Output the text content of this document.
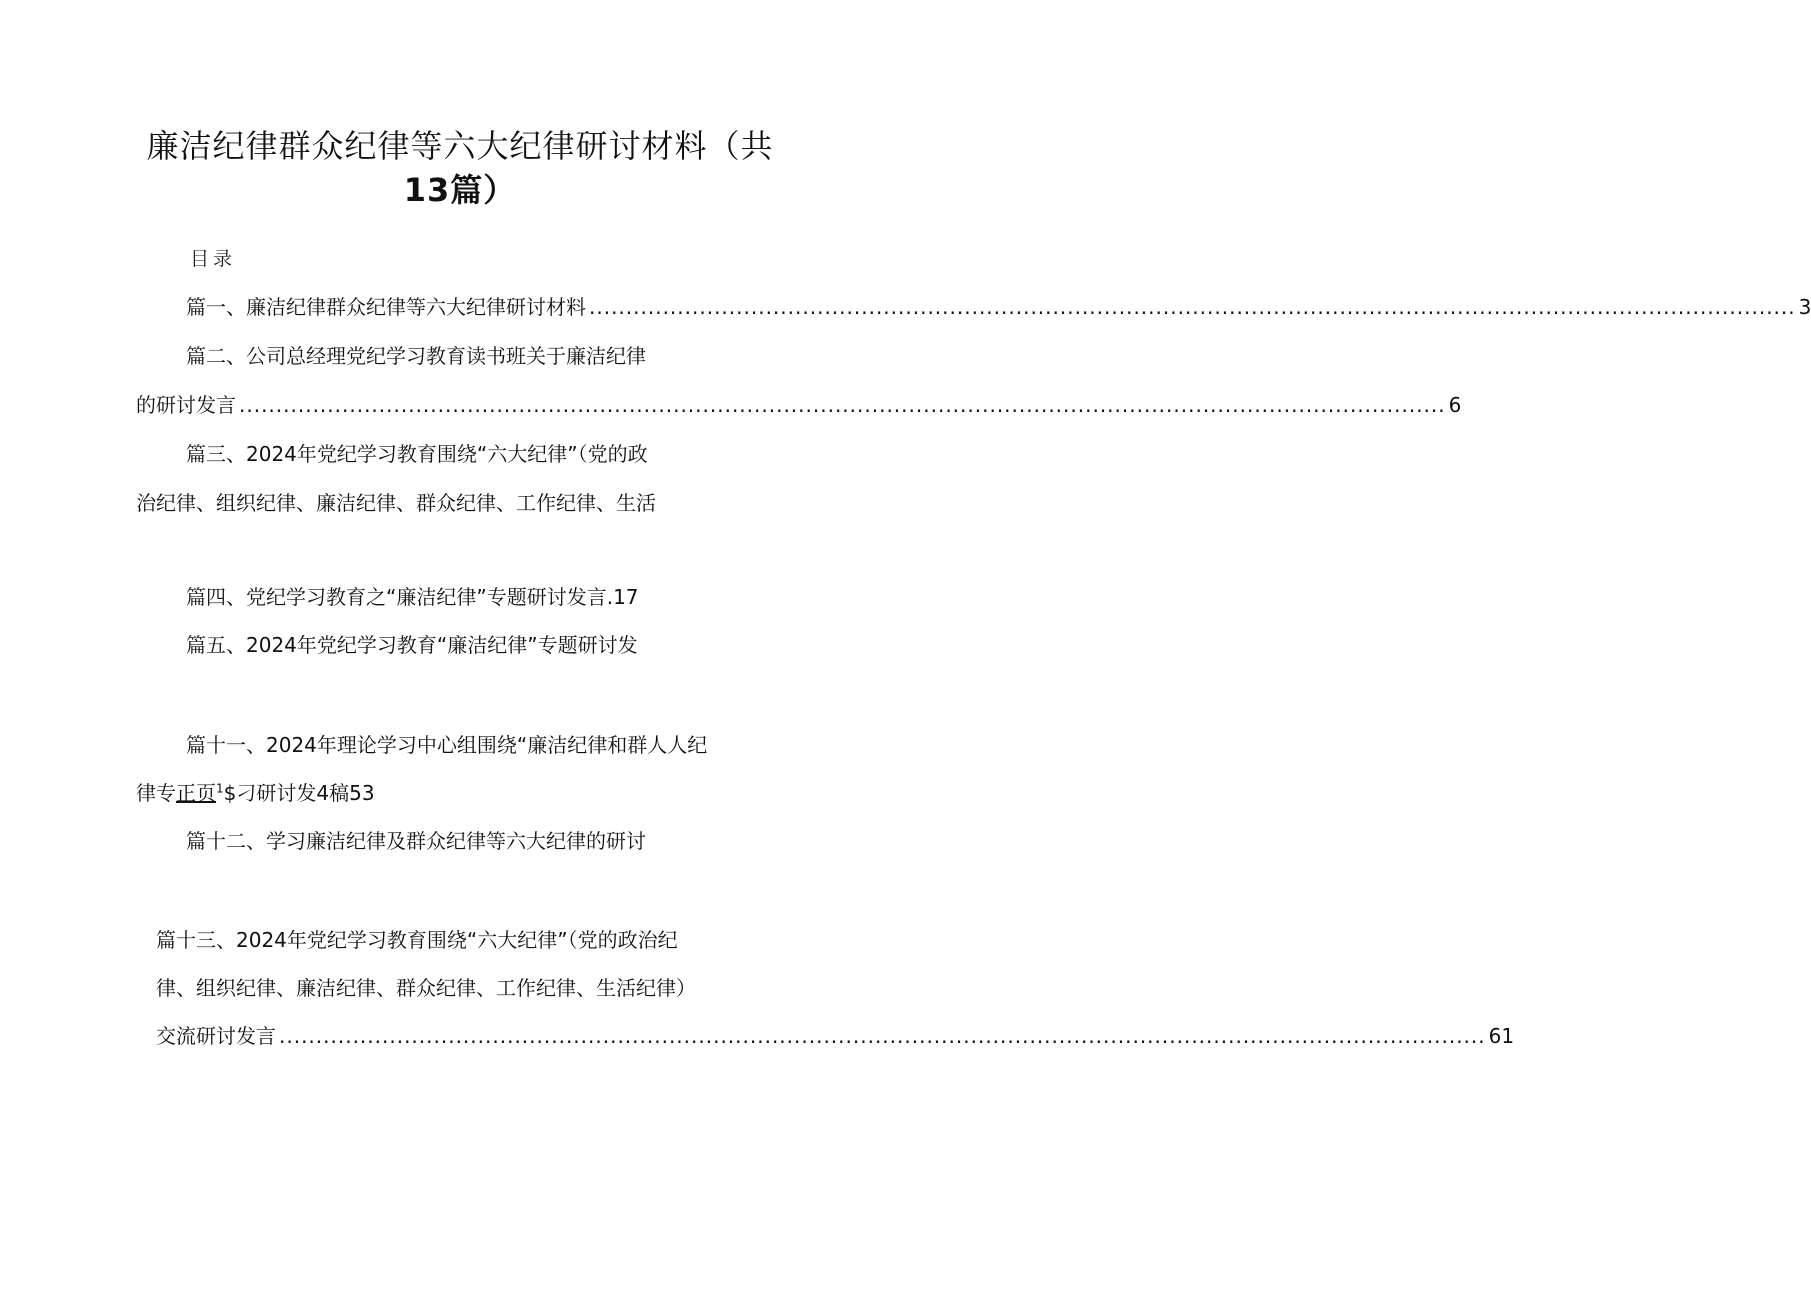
廉洁纪律群众纪律等六大纪律研讨材料（共
13篇）
目录
篇一、廉洁纪律群众纪律等六大纪律研讨材料 .................................................................................................................................................................... 3
篇二、公司总经理党纪学习教育读书班关于廉洁纪律
的研讨发言 .................................................................................................................................................................... 6
篇三、2024年党纪学习教育围绕“六大纪律”（党的政
治纪律、组织纪律、廉洁纪律、群众纪律、工作纪律、生活
篇四、党纪学习教育之“廉洁纪律”专题研讨发言.17
篇五、2024年党纪学习教育“廉洁纪律”专题研讨发
篇十一、2024年理论学习中心组围绕“廉洁纪律和群人人纪
律专正页$^1$\$刁研讨发4稿53
篇十二、学习廉洁纪律及群众纪律等六大纪律的研讨
篇十三、2024年党纪学习教育围绕“六大纪律”（党的政治纪
律、组织纪律、廉洁纪律、群众纪律、工作纪律、生活纪律）
交流研讨发言 .................................................................................................................................................................... 61
